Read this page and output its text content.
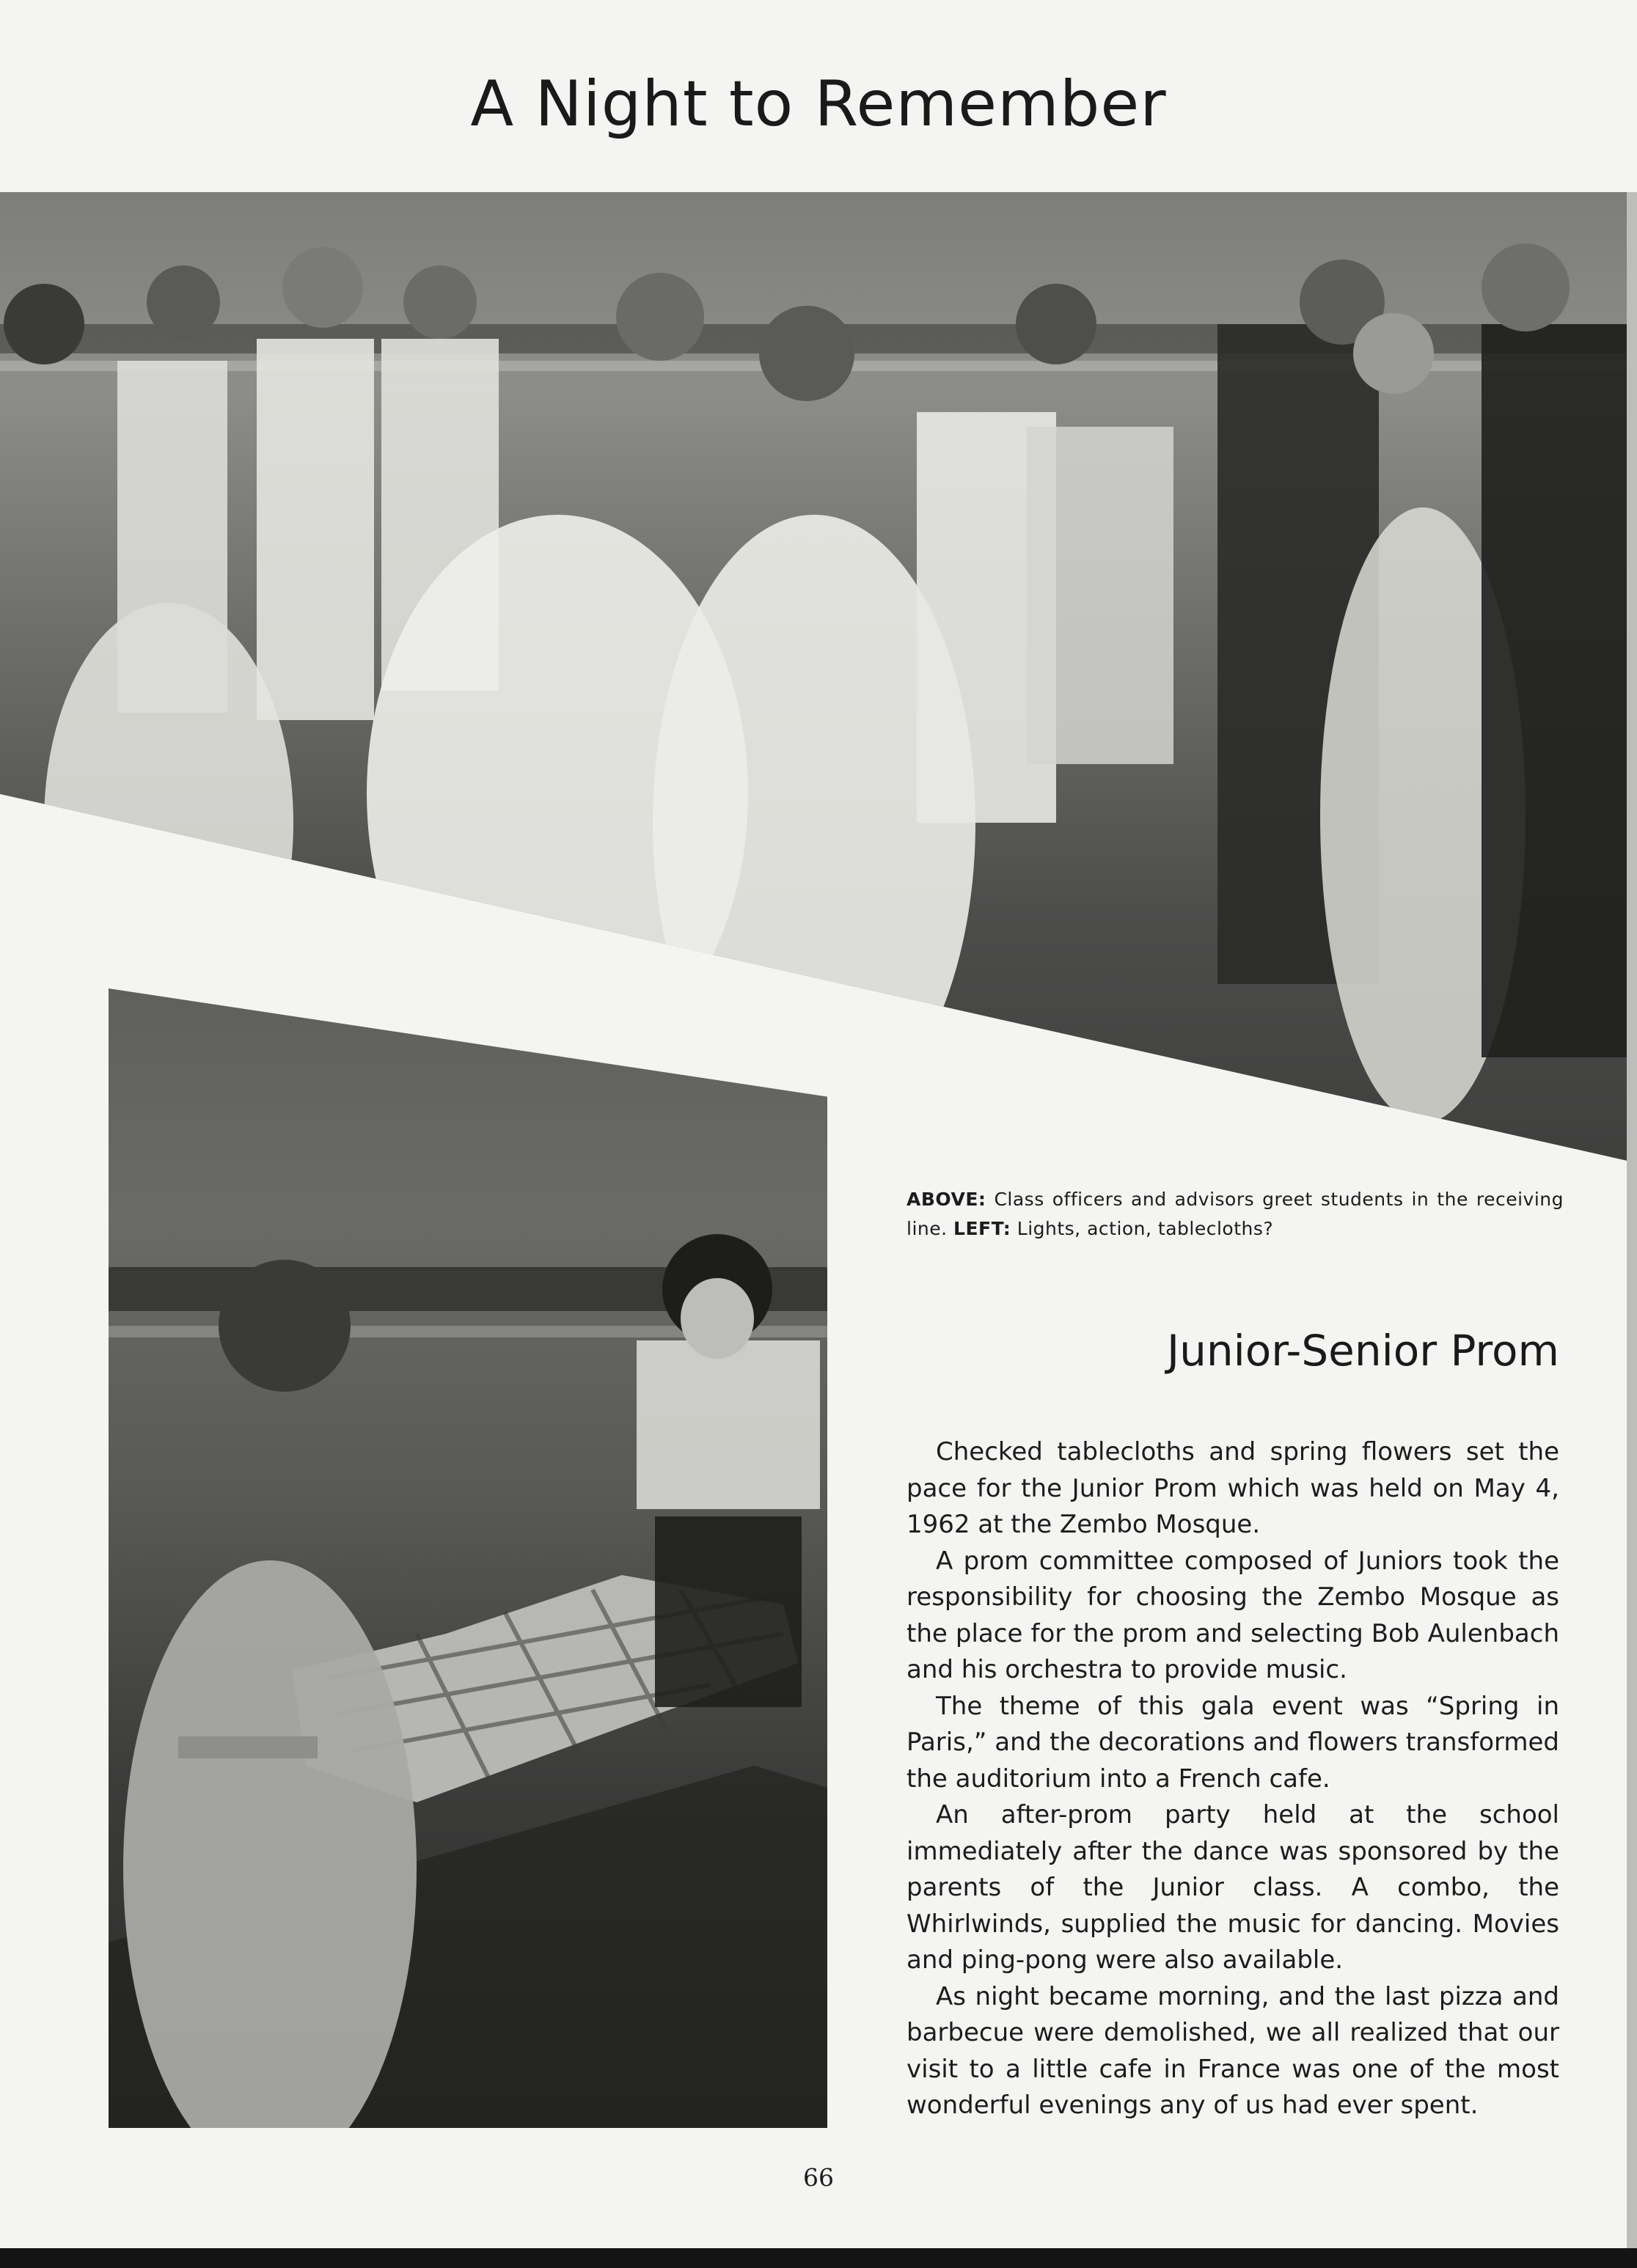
A Night to Remember

ABOVE: Class officers and advisors greet students in the receiving line. LEFT: Lights, action, tablecloths?

Junior-Senior Prom

Checked tablecloths and spring flowers set the pace for the Junior Prom which was held on May 4, 1962 at the Zembo Mosque.

A prom committee composed of Juniors took the responsibility for choosing the Zembo Mosque as the place for the prom and selecting Bob Aulenbach and his orchestra to provide music.

The theme of this gala event was “Spring in Paris,” and the decorations and flowers transformed the auditorium into a French cafe.

An after-prom party held at the school immediately after the dance was sponsored by the parents of the Junior class. A combo, the Whirlwinds, supplied the music for dancing. Movies and ping-pong were also available.

As night became morning, and the last pizza and barbecue were demolished, we all realized that our visit to a little cafe in France was one of the most wonderful evenings any of us had ever spent.

66
